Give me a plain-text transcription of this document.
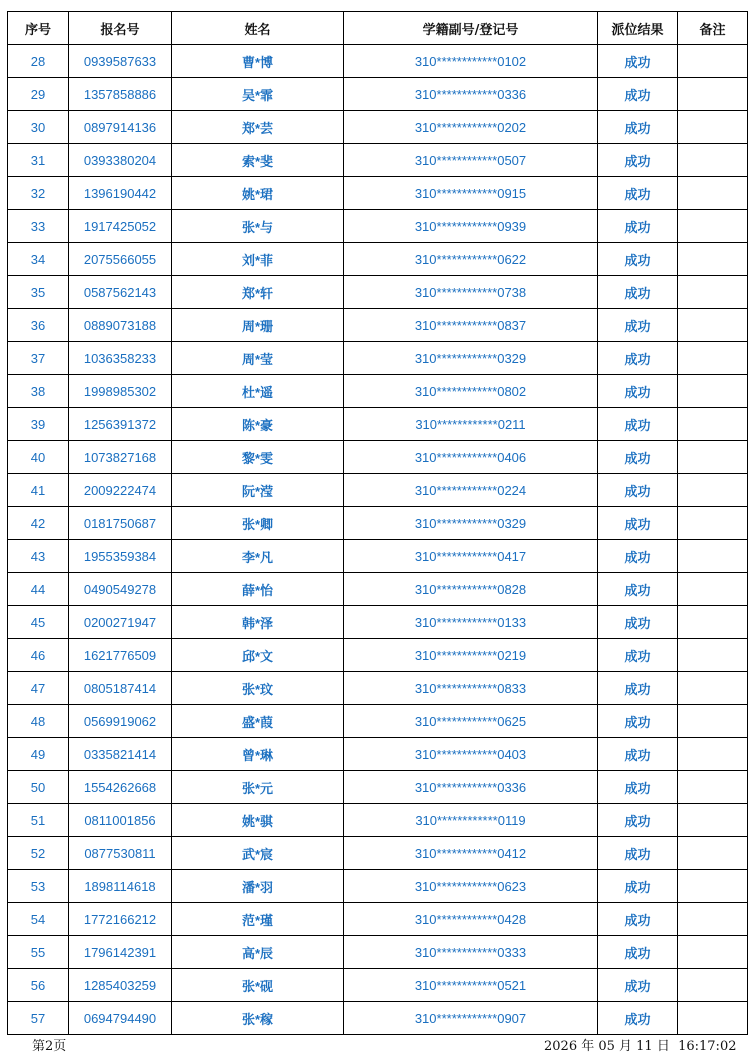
序号	报名号	姓名	学籍副号/登记号	派位结果	备注
28	0939587633	曹*博	310************0102	成功	
29	1357858886	吴*霏	310************0336	成功	
30	0897914136	郑*芸	310************0202	成功	
31	0393380204	索*斐	310************0507	成功	
32	1396190442	姚*珺	310************0915	成功	
33	1917425052	张*与	310************0939	成功	
34	2075566055	刘*菲	310************0622	成功	
35	0587562143	郑*轩	310************0738	成功	
36	0889073188	周*珊	310************0837	成功	
37	1036358233	周*莹	310************0329	成功	
38	1998985302	杜*遥	310************0802	成功	
39	1256391372	陈*豪	310************0211	成功	
40	1073827168	黎*雯	310************0406	成功	
41	2009222474	阮*滢	310************0224	成功	
42	0181750687	张*卿	310************0329	成功	
43	1955359384	李*凡	310************0417	成功	
44	0490549278	薛*怡	310************0828	成功	
45	0200271947	韩*泽	310************0133	成功	
46	1621776509	邱*文	310************0219	成功	
47	0805187414	张*玟	310************0833	成功	
48	0569919062	盛*葭	310************0625	成功	
49	0335821414	曾*琳	310************0403	成功	
50	1554262668	张*元	310************0336	成功	
51	0811001856	姚*骐	310************0119	成功	
52	0877530811	武*宸	310************0412	成功	
53	1898114618	潘*羽	310************0623	成功	
54	1772166212	范*瑾	310************0428	成功	
55	1796142391	高*辰	310************0333	成功	
56	1285403259	张*砚	310************0521	成功	
57	0694794490	张*稼	310************0907	成功	
第2页	2026 年 05 月 11 日  16:17:02
